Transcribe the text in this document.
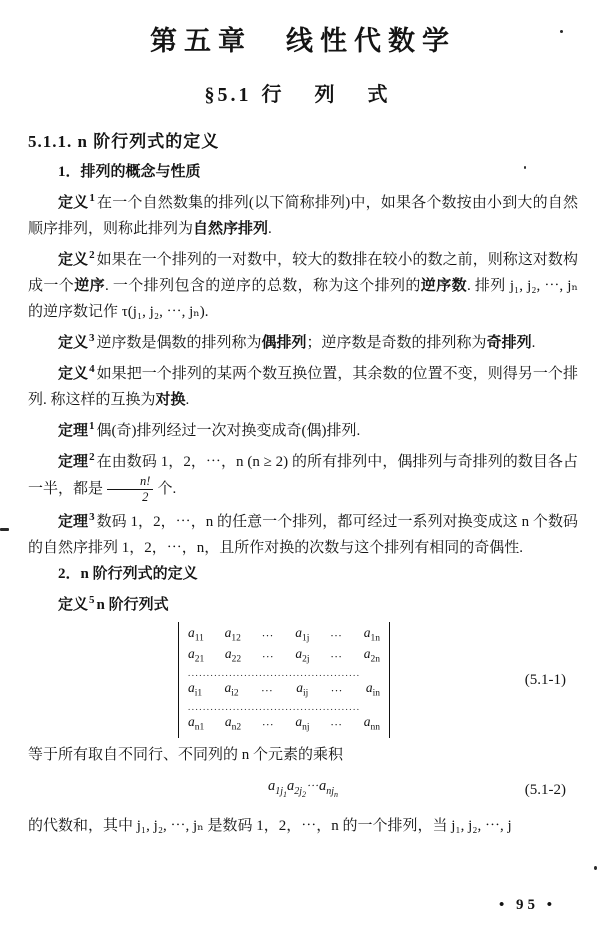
第五章　线性代数学
§5.1 行 列 式
5.1.1. n 阶行列式的定义

1．排列的概念与性质

定义$^1$ 在一个自然数集的排列(以下简称排列)中，如果各个数按由小到大的自然顺序排列，则称此排列为自然序排列.

定义$^2$ 如果在一个排列的一对数中，较大的数排在较小的数之前，则称这对数构成一个逆序. 一个排列包含的逆序的总数，称为这个排列的逆序数. 排列 j₁, j₂, ⋯, jₙ 的逆序数记作 τ(j₁, j₂, ⋯, jₙ).

定义$^3$ 逆序数是偶数的排列称为偶排列；逆序数是奇数的排列称为奇排列.

定义$^4$ 如果把一个排列的某两个数互换位置，其余数的位置不变，则得另一个排列. 称这样的互换为对换.

定理$^1$ 偶(奇)排列经过一次对换变成奇(偶)排列.

定理$^2$ 在由数码 1，2，⋯，n (n ≥ 2) 的所有排列中，偶排列与奇排列的数目各占一半，都是 $\frac{n!}{2}$ 个.

定理$^3$ 数码 1，2，⋯，n 的任意一个排列，都可经过一系列对换变成这 n 个数码的自然序排列 1，2，⋯，n，且所作对换的次数与这个排列有相同的奇偶性.

2．n 阶行列式的定义

定义$^5$ n 阶行列式

$a_{11}$ $a_{12}$ ⋯ $a_{1j}$ ⋯ $a_{1n}$
$a_{21}$ $a_{22}$ ⋯ $a_{2j}$ ⋯ $a_{2n}$
..............................................
$a_{i1}$ $a_{i2}$ ⋯ $a_{ij}$ ⋯ $a_{in}$
..............................................
$a_{n1}$ $a_{n2}$ ⋯ $a_{nj}$ ⋯ $a_{nn}$
(5.1-1)

等于所有取自不同行、不同列的 n 个元素的乘积

$a_{1j_1}a_{2j_2}\cdots a_{nj_n}$	(5.1-2)

的代数和，其中 j₁, j₂, ⋯, jₙ 是数码 1，2，⋯，n 的一个排列，当 j₁, j₂, ⋯, j

• 95 •
